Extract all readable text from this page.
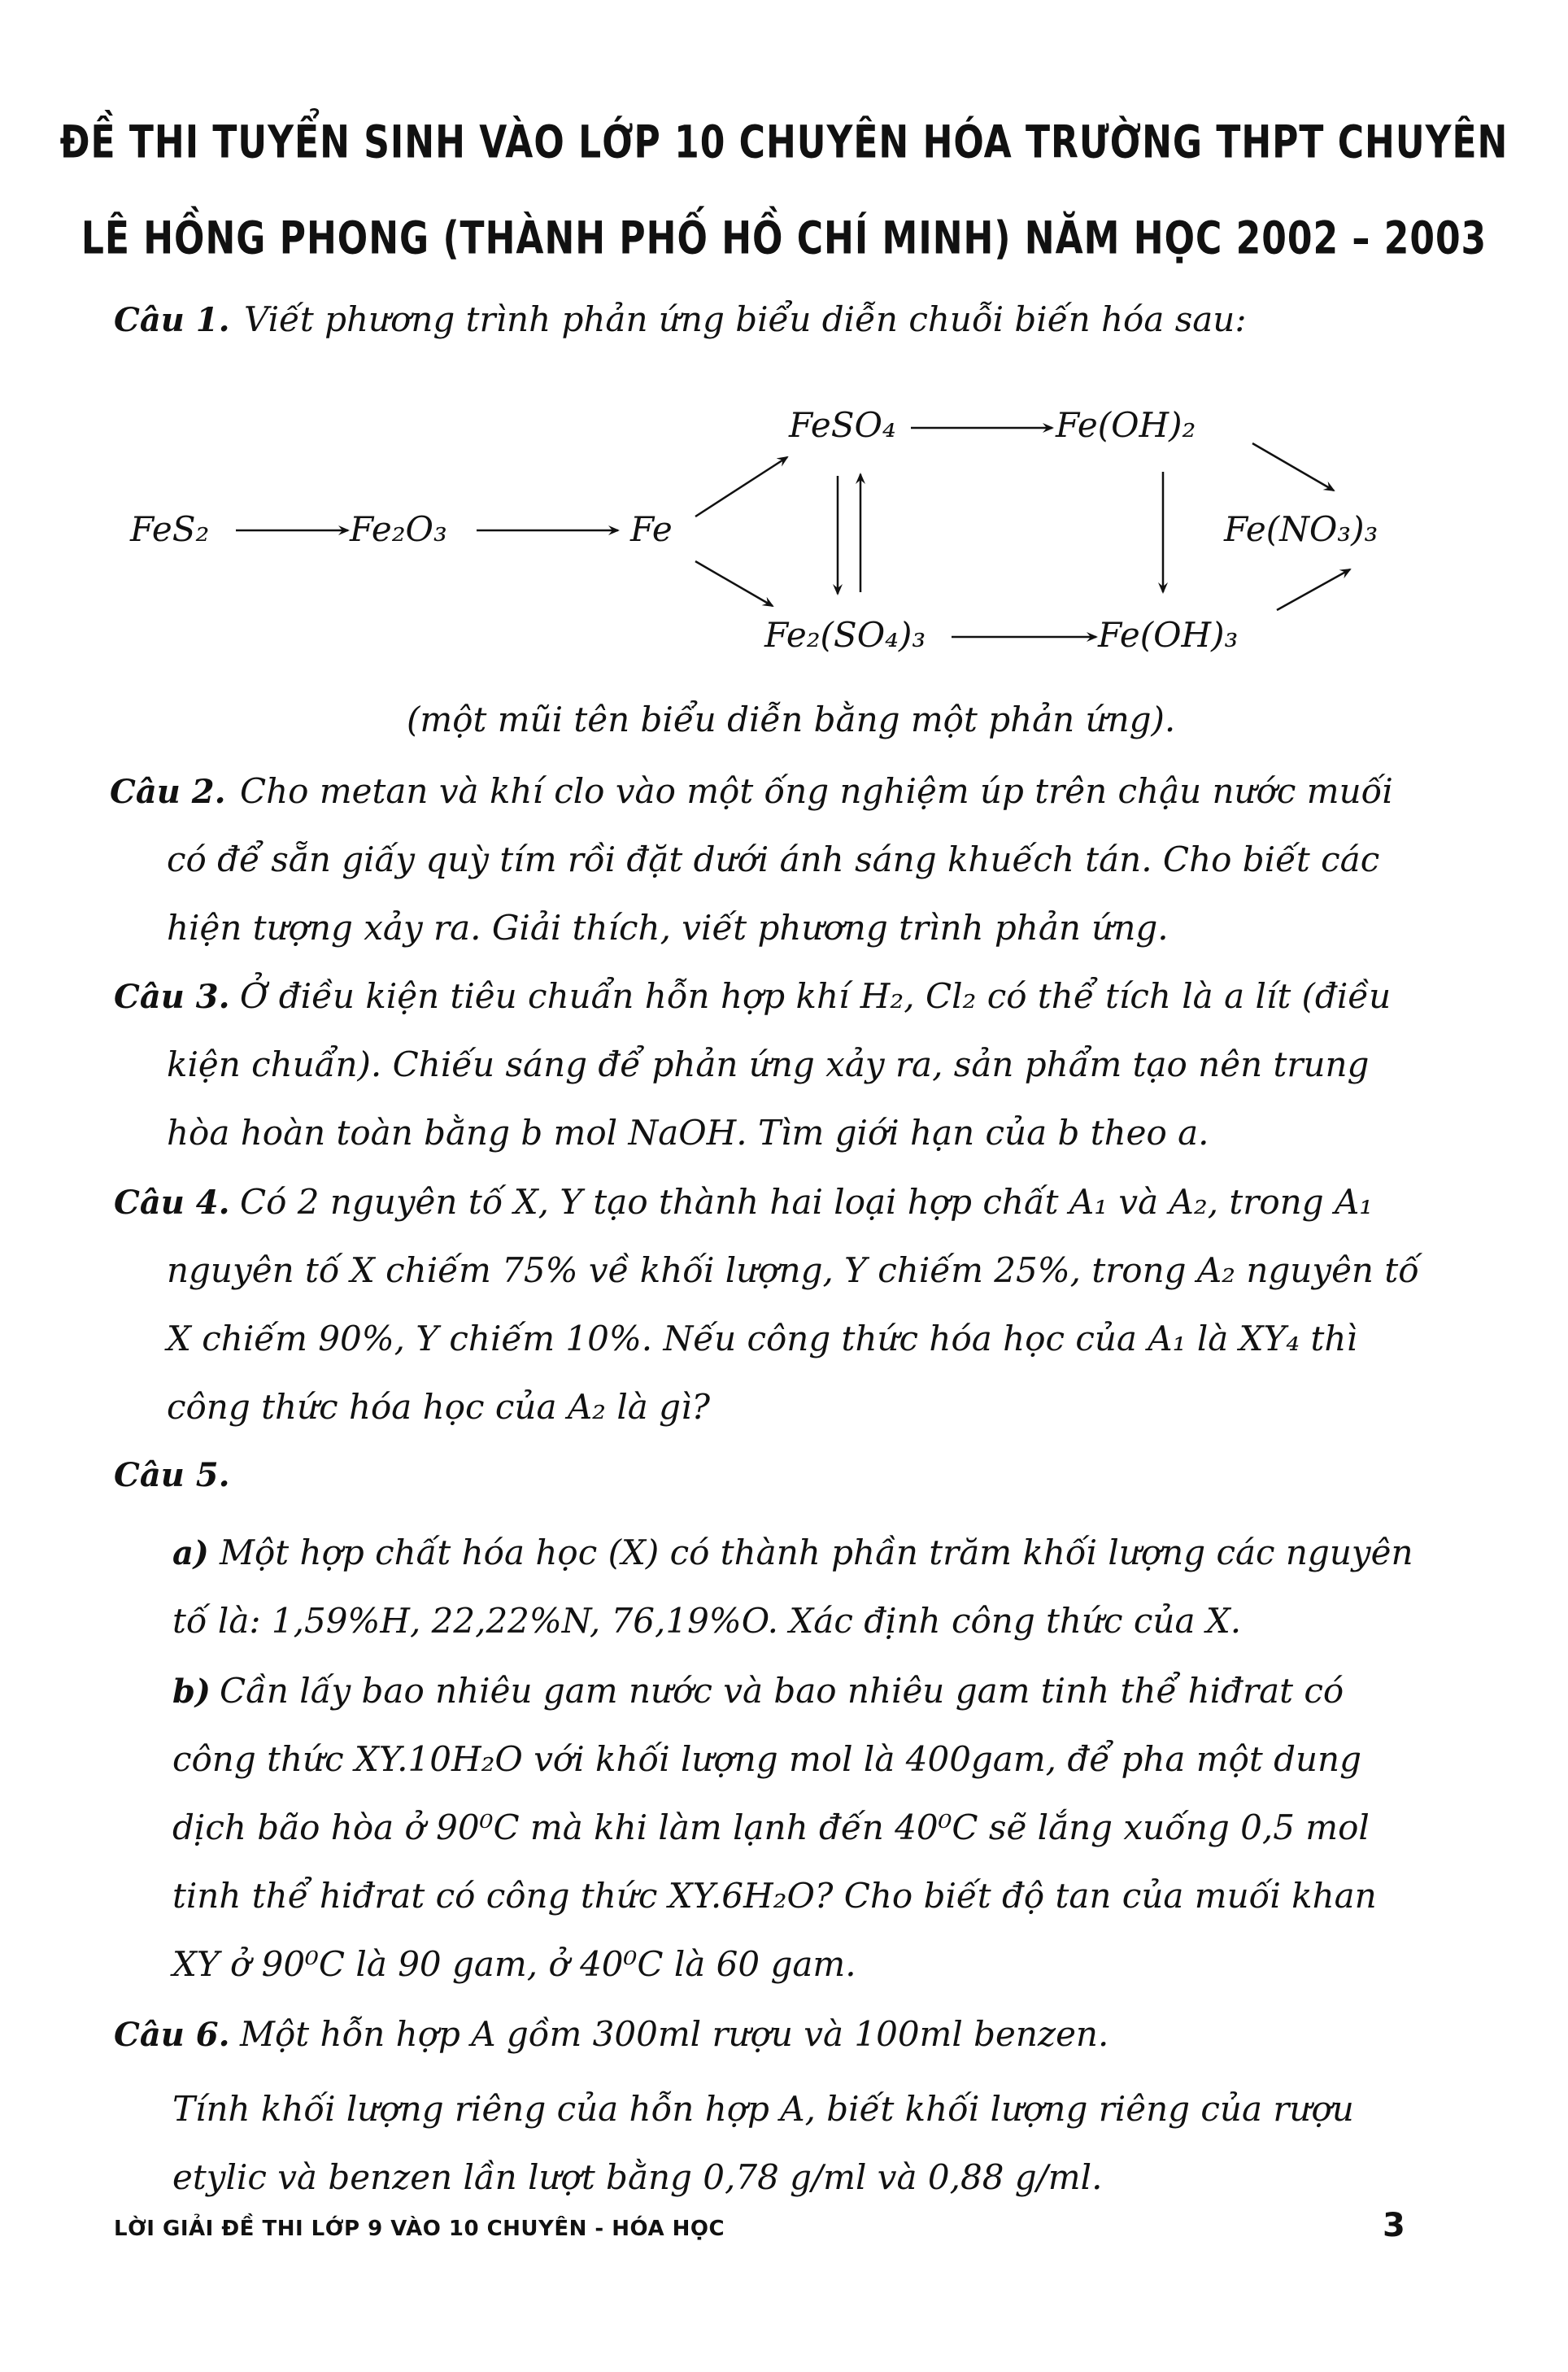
ĐỀ THI TUYỂN SINH VÀO LỚP 10 CHUYÊN HÓA TRƯỜNG THPT CHUYÊN
LÊ HỒNG PHONG (THÀNH PHỐ HỒ CHÍ MINH) NĂM HỌC 2002 – 2003
Câu 1. Viết phương trình phản ứng biểu diễn chuỗi biến hóa sau:
FeS₂	Fe₂O₃	Fe
FeSO₄	Fe(OH)₂
Fe₂(SO₄)₃	Fe(OH)₃
Fe(NO₃)₃
(một mũi tên biểu diễn bằng một phản ứng).
Câu 2. Cho metan và khí clo vào một ống nghiệm úp trên chậu nước muối
có để sẵn giấy quỳ tím rồi đặt dưới ánh sáng khuếch tán. Cho biết các
hiện tượng xảy ra. Giải thích, viết phương trình phản ứng.
Câu 3. Ở điều kiện tiêu chuẩn hỗn hợp khí H₂, Cl₂ có thể tích là a lít (điều
kiện chuẩn). Chiếu sáng để phản ứng xảy ra, sản phẩm tạo nên trung
hòa hoàn toàn bằng b mol NaOH. Tìm giới hạn của b theo a.
Câu 4. Có 2 nguyên tố X, Y tạo thành hai loại hợp chất A₁ và A₂, trong A₁
nguyên tố X chiếm 75% về khối lượng, Y chiếm 25%, trong A₂ nguyên tố
X chiếm 90%, Y chiếm 10%. Nếu công thức hóa học của A₁ là XY₄ thì
công thức hóa học của A₂ là gì?
Câu 5.
a) Một hợp chất hóa học (X) có thành phần trăm khối lượng các nguyên
tố là: 1,59%H, 22,22%N, 76,19%O. Xác định công thức của X.
b) Cần lấy bao nhiêu gam nước và bao nhiêu gam tinh thể hiđrat có
công thức XY.10H₂O với khối lượng mol là 400gam, để pha một dung
dịch bão hòa ở 90⁰C mà khi làm lạnh đến 40⁰C sẽ lắng xuống 0,5 mol
tinh thể hiđrat có công thức XY.6H₂O? Cho biết độ tan của muối khan
XY ở 90⁰C là 90 gam, ở 40⁰C là 60 gam.
Câu 6. Một hỗn hợp A gồm 300ml rượu và 100ml benzen.
Tính khối lượng riêng của hỗn hợp A, biết khối lượng riêng của rượu
etylic và benzen lần lượt bằng 0,78 g/ml và 0,88 g/ml.
LỜI GIẢI ĐỀ THI LỚP 9 VÀO 10 CHUYÊN - HÓA HỌC	3
